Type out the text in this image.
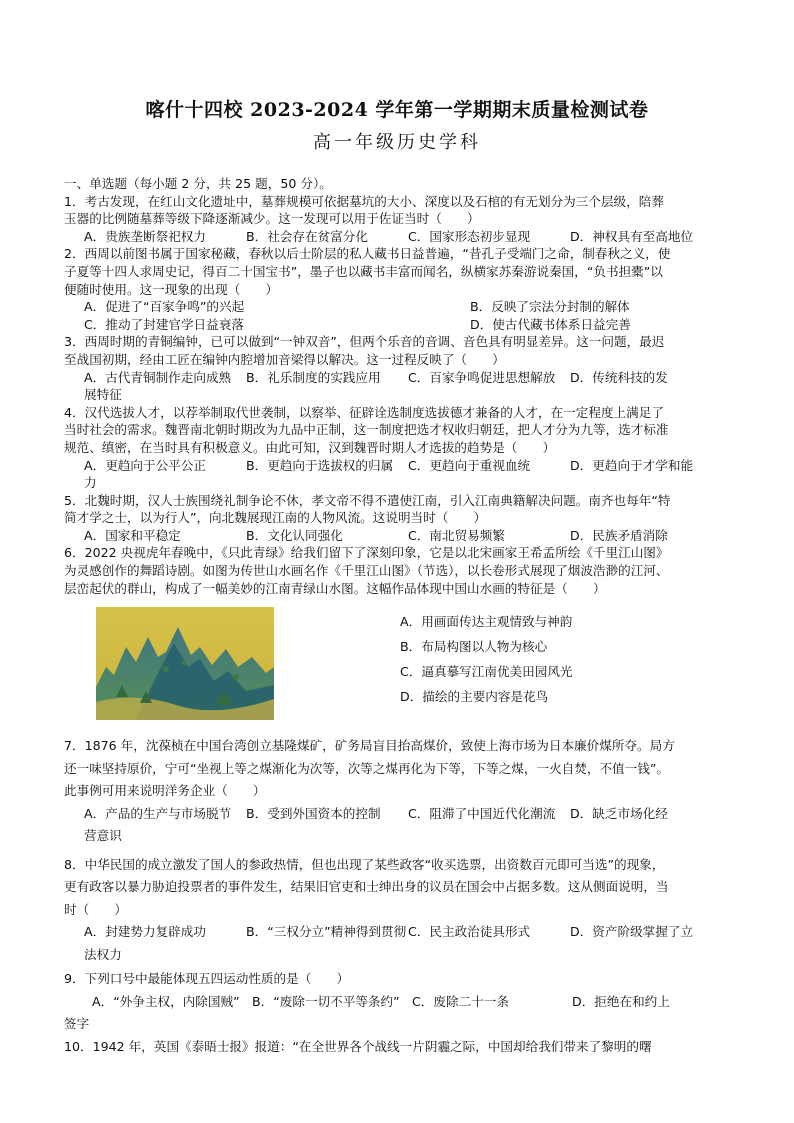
喀什十四校 2023-2024 学年第一学期期末质量检测试卷
高一年级历史学科
一、单选题（每小题 2 分，共 25 题，50 分）。
1．考古发现，在红山文化遗址中，墓葬规模可依据墓坑的大小、深度以及石棺的有无划分为三个层级，陪葬
玉器的比例随墓葬等级下降逐渐减少。这一发现可以用于佐证当时（　　）
A．贵族垄断祭祀权力	B．社会存在贫富分化	C．国家形态初步显现	D．神权具有至高地位
2．西周以前图书属于国家秘藏，春秋以后士阶层的私人藏书日益普遍，“昔孔子受端门之命，制春秋之义，使
子夏等十四人求周史记，得百二十国宝书”，墨子也以藏书丰富而闻名，纵横家苏秦游说秦国，“负书担橐”以
便随时使用。这一现象的出现（　　）
A．促进了“百家争鸣”的兴起	B．反映了宗法分封制的解体
C．推动了封建官学日益衰落	D．使古代藏书体系日益完善
3．西周时期的青铜编钟，已可以做到“一钟双音”，但两个乐音的音调、音色具有明显差异。这一问题，最迟
至战国初期，经由工匠在编钟内腔增加音梁得以解决。这一过程反映了（　　）
A．古代青铜制作走向成熟	B．礼乐制度的实践应用	C．百家争鸣促进思想解放	D．传统科技的发
展特征
4．汉代选拔人才，以荐举制取代世袭制，以察举、征辟诠选制度选拔德才兼备的人才，在一定程度上满足了
当时社会的需求。魏晋南北朝时期改为九品中正制，这一制度把选才权收归朝廷，把人才分为九等，选才标准
规范、缜密，在当时具有积极意义。由此可知，汉到魏晋时期人才选拔的趋势是（　　）
A．更趋向于公平公正	B．更趋向于选拔权的归属	C．更趋向于重视血统	D．更趋向于才学和能
力
5．北魏时期，汉人士族围绕礼制争论不休，孝文帝不得不遣使江南，引入江南典籍解决问题。南齐也每年“特
简才学之士，以为行人”，向北魏展现江南的人物风流。这说明当时（　　）
A．国家和平稳定	B．文化认同强化	C．南北贸易频繁	D．民族矛盾消除
6．2022 央视虎年春晚中，《只此青绿》给我们留下了深刻印象，它是以北宋画家王希孟所绘《千里江山图》
为灵感创作的舞蹈诗剧。如图为传世山水画名作《千里江山图》（节选），以长卷形式展现了烟波浩渺的江河、
层峦起伏的群山，构成了一幅美妙的江南青绿山水图。这幅作品体现中国山水画的特征是（　　）
A．用画面传达主观情致与神韵
B．布局构图以人物为核心
C．逼真摹写江南优美田园风光
D．描绘的主要内容是花鸟
7．1876 年，沈葆桢在中国台湾创立基隆煤矿，矿务局盲目抬高煤价，致使上海市场为日本廉价煤所夺。局方
还一味坚持原价，宁可“坐视上等之煤渐化为次等，次等之煤再化为下等，下等之煤，一火自焚，不值一钱”。
此事例可用来说明洋务企业（　　）
A．产品的生产与市场脱节	B．受到外国资本的控制	C．阻滞了中国近代化潮流	D．缺乏市场化经
营意识
8．中华民国的成立激发了国人的参政热情，但也出现了某些政客“收买选票，出资数百元即可当选”的现象，
更有政客以暴力胁迫投票者的事件发生，结果旧官吏和士绅出身的议员在国会中占据多数。这从侧面说明，当
时（　　）
A．封建势力复辟成功	B．“三权分立”精神得到贯彻 C．民主政治徒具形式	D．资产阶级掌握了立
法权力
9．下列口号中最能体现五四运动性质的是（　　）
A．“外争主权，内除国贼” B．“废除一切不平等条约” C．废除二十一条	D．拒绝在和约上
签字
10．1942 年，英国《泰晤士报》报道：“在全世界各个战线一片阴霾之际，中国却给我们带来了黎明的曙
